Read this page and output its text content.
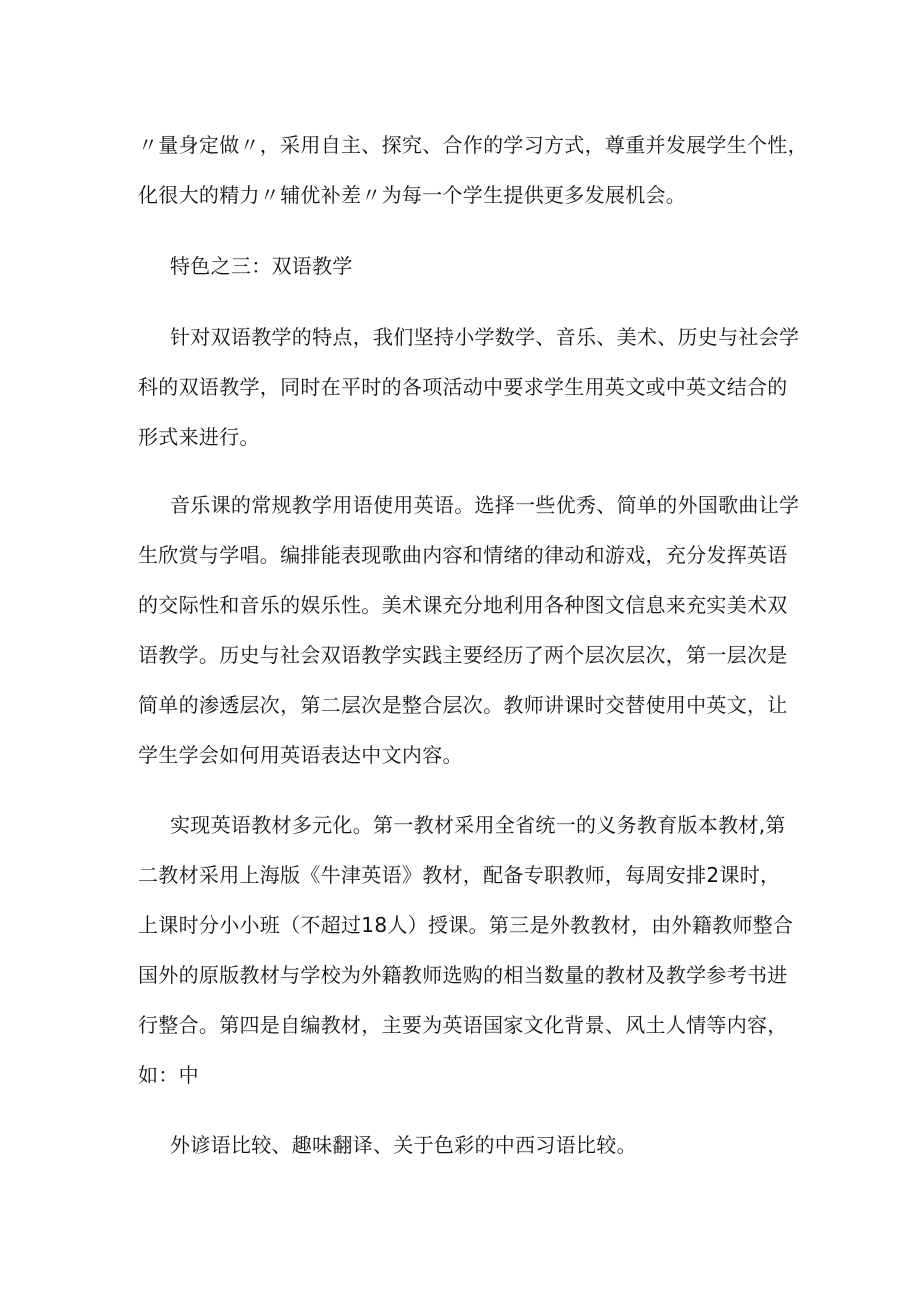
〃量身定做〃，采用自主、探究、合作的学习方式，尊重并发展学生个性，
化很大的精力〃辅优补差〃为每一个学生提供更多发展机会。
特色之三：双语教学
针对双语教学的特点，我们坚持小学数学、音乐、美术、历史与社会学
科的双语教学，同时在平时的各项活动中要求学生用英文或中英文结合的
形式来进行。
音乐课的常规教学用语使用英语。选择一些优秀、简单的外国歌曲让学
生欣赏与学唱。编排能表现歌曲内容和情绪的律动和游戏，充分发挥英语
的交际性和音乐的娱乐性。美术课充分地利用各种图文信息来充实美术双
语教学。历史与社会双语教学实践主要经历了两个层次层次，第一层次是
简单的渗透层次，第二层次是整合层次。教师讲课时交替使用中英文，让
学生学会如何用英语表达中文内容。
实现英语教材多元化。第一教材采用全省统一的义务教育版本教材,第
二教材采用上海版《牛津英语》教材，配备专职教师，每周安排2课时，
上课时分小小班（不超过18人）授课。第三是外教教材，由外籍教师整合
国外的原版教材与学校为外籍教师选购的相当数量的教材及教学参考书进
行整合。第四是自编教材，主要为英语国家文化背景、风土人情等内容，
如：中
外谚语比较、趣味翻译、关于色彩的中西习语比较。
